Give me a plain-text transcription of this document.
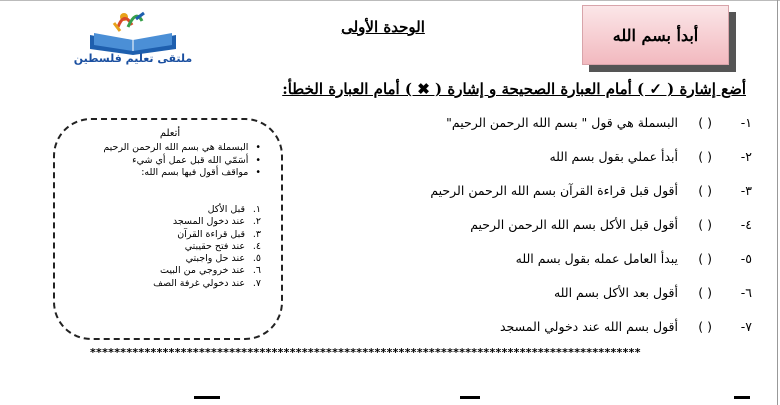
أبدأ بسم الله
الوحدة الأولى
ملتقى تعليم فلسطين
أضع إشارة ( ✓ ) أمام العبارة الصحيحة و إشارة ( ✖ ) أمام العبارة الخطأ:
١-
( )
البسملة هي قول " بسم الله الرحمن الرحيم"
٢-
( )
أبدأ عملي بقول بسم الله
٣-
( )
أقول قبل قراءة القرآن بسم الله الرحمن الرحيم
٤-
( )
أقول قبل الأكل بسم الله الرحمن الرحيم
٥-
( )
يبدأ العامل عمله بقول بسم الله
٦-
( )
أقول بعد الأكل بسم الله
٧-
( )
أقول بسم الله عند دخولي المسجد
أتعلم
• البسملة هي بسم الله الرحمن الرحيم
• أسَمّي الله قبل عمل أي شيء
• مواقف أقول فيها بسم الله:
١.قبل الأكل
٢.عند دخول المسجد
٣.قبل قراءة القرآن
٤.عند فتح حقيبتي
٥.عند حل واجبتي
٦.عند خروجي من البيت
٧.عند دخولي غرفة الصف
*******************************************************************************************
